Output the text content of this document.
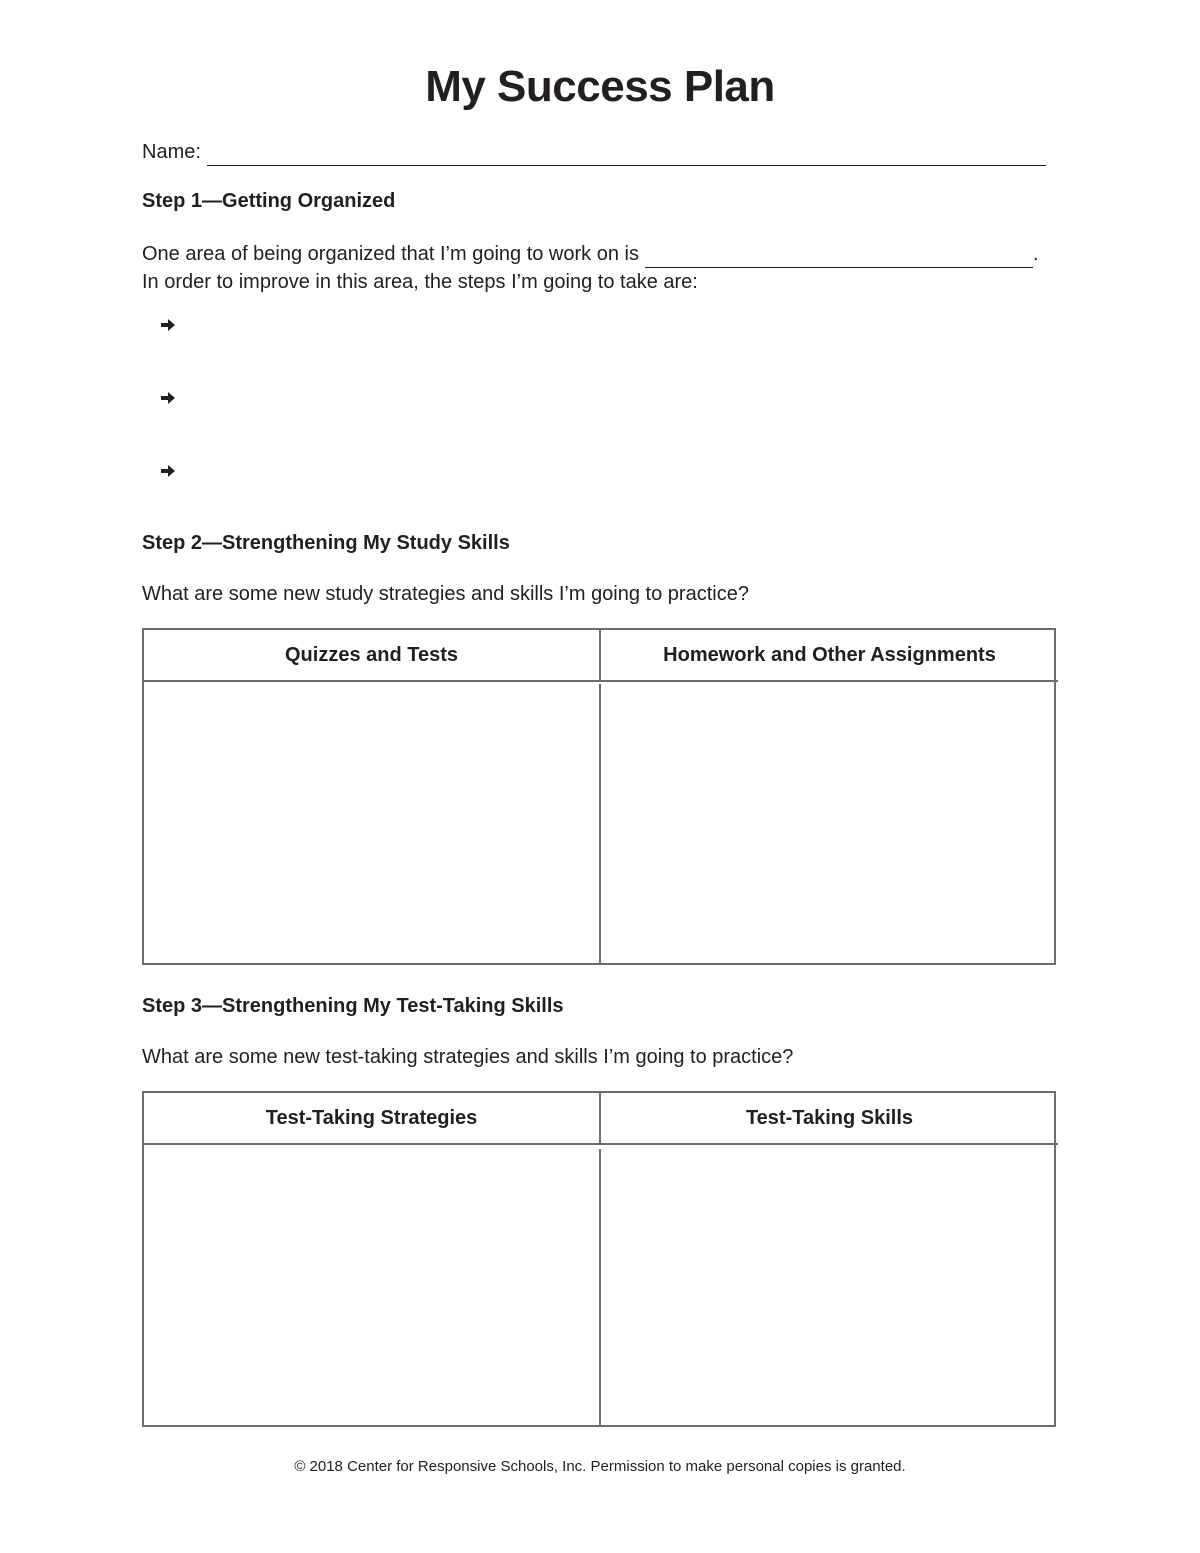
My Success Plan
Name:
Step 1—Getting Organized
One area of being organized that I’m going to work on is	.
In order to improve in this area, the steps I’m going to take are:
Step 2—Strengthening My Study Skills
What are some new study strategies and skills I’m going to practice?
Quizzes and Tests	Homework and Other Assignments
Step 3—Strengthening My Test-Taking Skills
What are some new test-taking strategies and skills I’m going to practice?
Test-Taking Strategies	Test-Taking Skills
© 2018 Center for Responsive Schools, Inc. Permission to make personal copies is granted.
